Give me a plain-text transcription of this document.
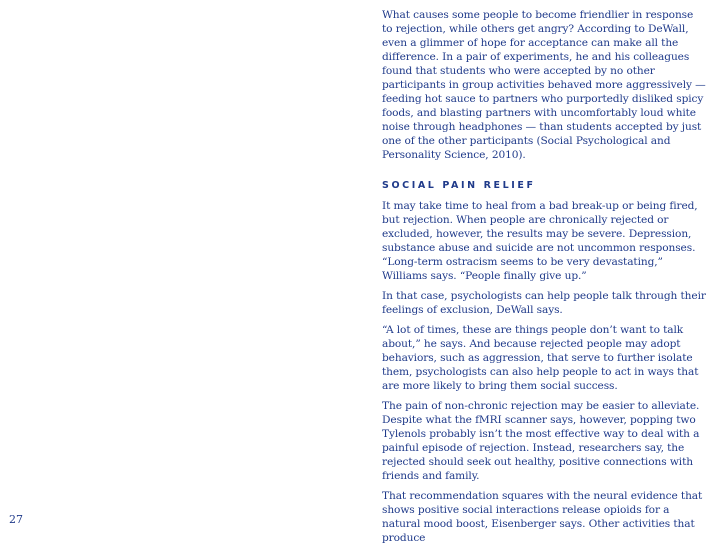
27

What causes some people to become friendlier in response to rejection, while others get angry? According to DeWall, even a glimmer of hope for acceptance can make all the difference. In a pair of experiments, he and his colleagues found that students who were accepted by no other participants in group activities behaved more aggressively — feeding hot sauce to partners who purportedly disliked spicy foods, and blasting partners with uncomfortably loud white noise through headphones — than students accepted by just one of the other participants (Social Psychological and Personality Science, 2010).

SOCIAL PAIN RELIEF

It may take time to heal from a bad break-up or being fired, but rejection. When people are chronically rejected or excluded, however, the results may be severe. Depression, substance abuse and suicide are not uncommon responses. “Long-term ostracism seems to be very devastating,” Williams says. “People finally give up.”

In that case, psychologists can help people talk through their feelings of exclusion, DeWall says.

“A lot of times, these are things people don’t want to talk about,” he says. And because rejected people may adopt behaviors, such as aggression, that serve to further isolate them, psychologists can also help people to act in ways that are more likely to bring them social success.

The pain of non-chronic rejection may be easier to alleviate. Despite what the fMRI scanner says, however, popping two Tylenols probably isn’t the most effective way to deal with a painful episode of rejection. Instead, researchers say, the rejected should seek out healthy, positive connections with friends and family.

That recommendation squares with the neural evidence that shows positive social interactions release opioids for a natural mood boost, Eisenberger says. Other activities that produce
